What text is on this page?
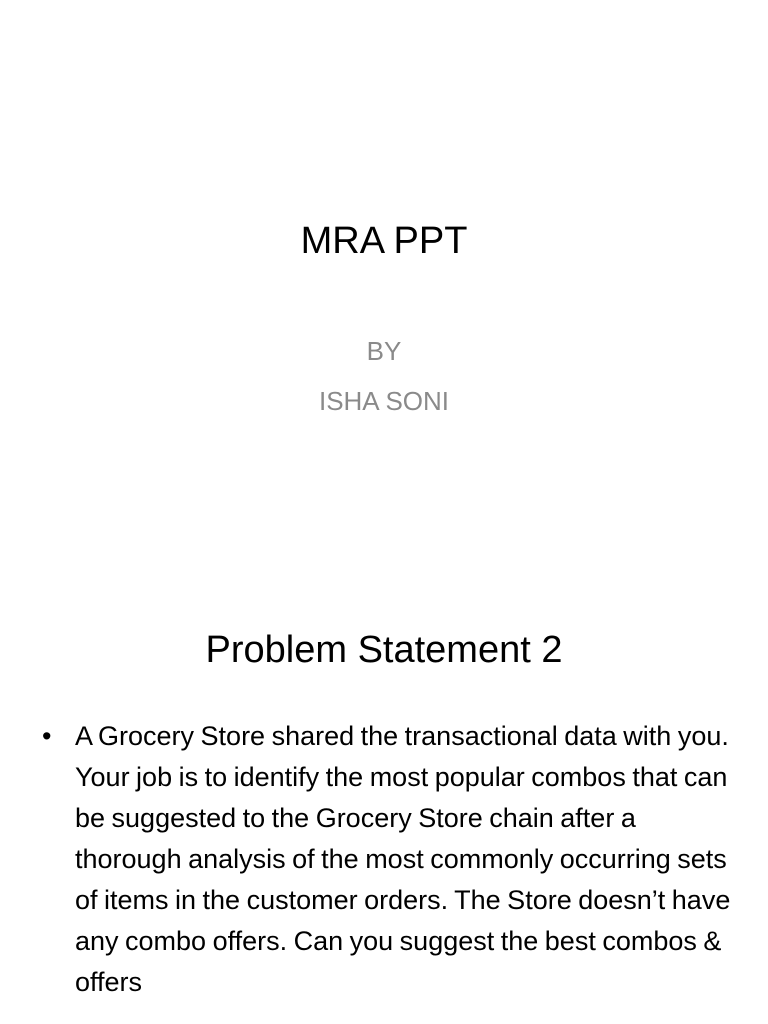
MRA PPT
BY
ISHA SONI
Problem Statement 2
• A Grocery Store shared the transactional data with you. Your job is to identify the most popular combos that can be suggested to the Grocery Store chain after a thorough analysis of the most commonly occurring sets of items in the customer orders. The Store doesn’t have any combo offers. Can you suggest the best combos & offers
